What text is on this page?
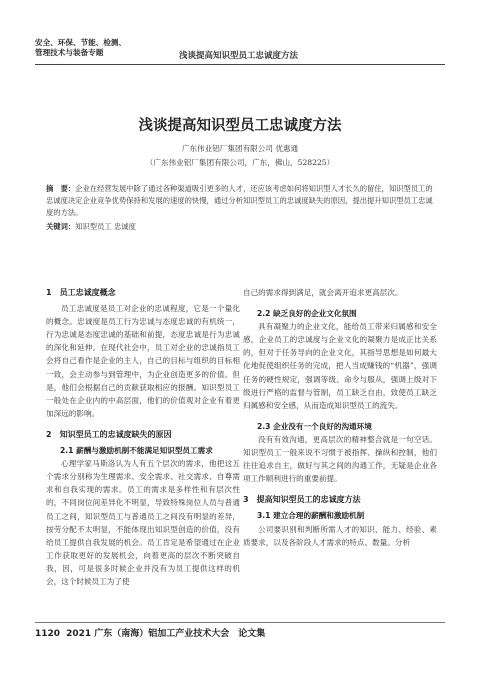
安全、环保、节能、检测、
管理技术与装备专题	浅谈提高知识型员工忠诚度方法
浅谈提高知识型员工忠诚度方法
广东伟业铝厂集团有限公司 优惠通
（广东伟业铝厂集团有限公司，广东，佛山，528225）
摘　要：企业在经营发展中除了通过各种渠道吸引更多的人才，还应该考虑如何将知识型人才长久的留住，知识型员工的忠诚度决定企业竞争优势保持和发展的速度的快慢，通过分析知识型员工的忠诚度缺失的原因，提出提升知识型员工忠诚度的方法。
关键词：知识型员工 忠诚度
1　员工忠诚度概念
员工忠诚度是员工对企业的忠诚程度，它是一个量化的概念。忠诚度是员工行为忠诚与态度忠诚的有机统一，行为忠诚是态度忠诚的基础和前提，态度忠诚是行为忠诚的深化和延伸。在现代社会中，员工对企业的忠诚指员工会将自己看作是企业的主人，自己的目标与组织的目标相一致，会主动参与到管理中，为企业创造更多的价值。但是，他们会根据自己的贡献获取相应的报酬。知识型员工一般处在企业内的中高层面，他们的价值观对企业有着更加深远的影响。
2　知识型员工的忠诚度缺失的原因
2.1 薪酬与激励机制不能满足知识型员工需求
心理学家马斯洛认为人有五个层次的需求，他把这五个需求分别称为生理需求、安全需求、社交需求、自尊需求和自我实现的需求。员工的需求是多样性和有层次性的，不同岗位间差异化不明显，导致特殊岗位人员与普通员工之间，知识型员工与普通员工之间没有明显的差异，按劳分配不太明显，不能体现出知识型创造的价值，没有给员工提供自我发展的机会。员工肯定是希望通过在企业工作获取更好的发展机会，向着更高的层次不断突破自我，因，可是很多时候企业并没有为员工提供这样的机会，这个时候员工为了使
自己的需求得到满足，就会离开追求更高层次。
2.2 缺乏良好的企业文化氛围
具有凝聚力的企业文化，能给员工带来归属感和安全感，企业员工的忠诚度与企业文化的凝聚力是成正比关系的，但对于任务导向的企业文化，其指导思想是如何最大化地促使组织任务的完成，把人当成赚钱的“机器”，强调任务的硬性规定，强调等级、命令与服从，强调上级对下级进行严格的监督与管制，员工缺乏自由，致使员工缺乏归属感和安全感，从而造成知识型员工的流失。
2.3 企业没有一个良好的沟通环境
没有有效沟通，更高层次的精神整合就是一句空话。知识型员工一般来说不习惯于被指挥、操纵和控制，他们往往追求自主，做好与其之间的沟通工作，无疑是企业各项工作顺利进行的重要前提。
3　提高知识型员工的忠诚度方法
3.1 建立合理的薪酬和激励机制
公司要识别和判断所需人才的知识、能力、经验、素质要求，以及各阶段人才需求的特点、数量。分析
1120 2021 广东（南海）铝加工产业技术大会　论文集
